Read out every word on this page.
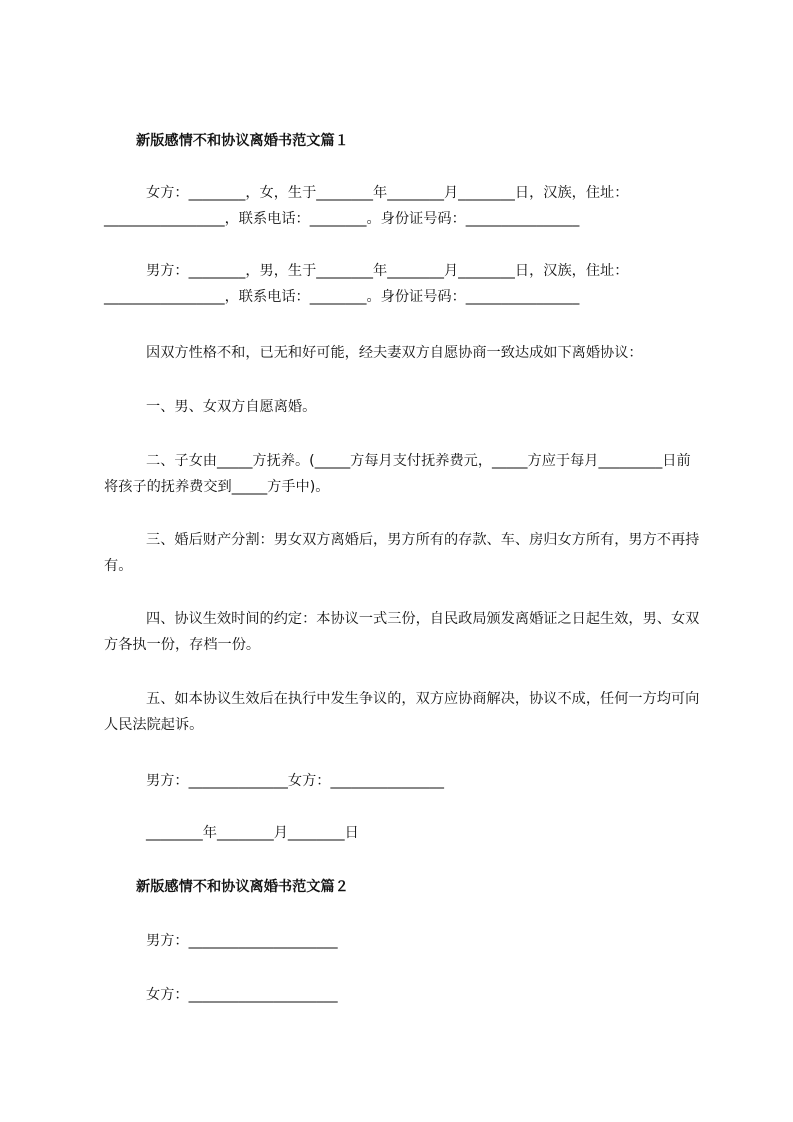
新版感情不和协议离婚书范文篇１
女方：________，女，生于________年________月________日，汉族，住址：_________________，联系电话：________。身份证号码：________________
男方：________，男，生于________年________月________日，汉族，住址：_________________，联系电话：________。身份证号码：________________
因双方性格不和，已无和好可能，经夫妻双方自愿协商一致达成如下离婚协议：
一、男、女双方自愿离婚。
二、子女由_____方抚养。(_____方每月支付抚养费元，_____方应于每月_________日前将孩子的抚养费交到_____方手中)。
三、婚后财产分割：男女双方离婚后，男方所有的存款、车、房归女方所有，男方不再持有。
四、协议生效时间的约定：本协议一式三份，自民政局颁发离婚证之日起生效，男、女双方各执一份，存档一份。
五、如本协议生效后在执行中发生争议的，双方应协商解决，协议不成，任何一方均可向人民法院起诉。
男方：______________女方：________________
________年________月________日
新版感情不和协议离婚书范文篇２
男方：_____________________
女方：_____________________
